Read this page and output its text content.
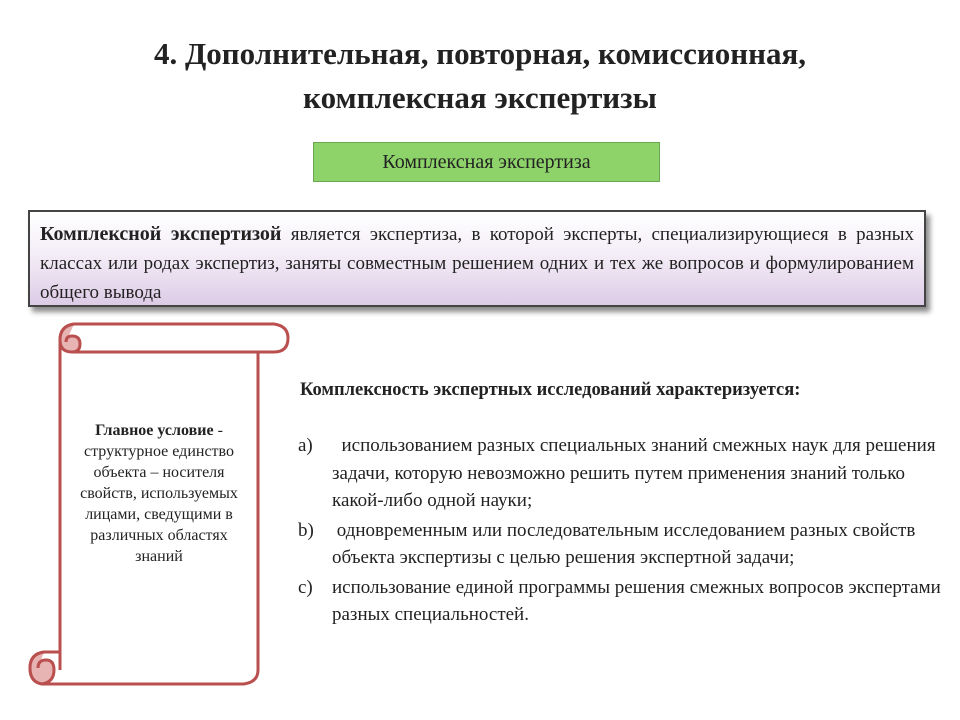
4. Дополнительная, повторная, комиссионная,
комплексная экспертизы
Комплексная экспертиза
Комплексной экспертизой является экспертиза, в которой эксперты, специализирующиеся в разных классах или родах экспертиз, заняты совместным решением одних и тех же вопросов и формулированием общего вывода
Главное условие - структурное единство объекта – носителя свойств, используемых лицами, сведущими в различных областях знаний
Комплексность экспертных исследований характеризуется:
a)	использованием разных специальных знаний смежных наук для решения задачи, которую невозможно решить путем применения знаний только какой-либо одной науки;
b) одновременным или последовательным исследованием разных свойств объекта экспертизы с целью решения экспертной задачи;
c)	использование единой программы решения смежных вопросов экспертами разных специальностей.
